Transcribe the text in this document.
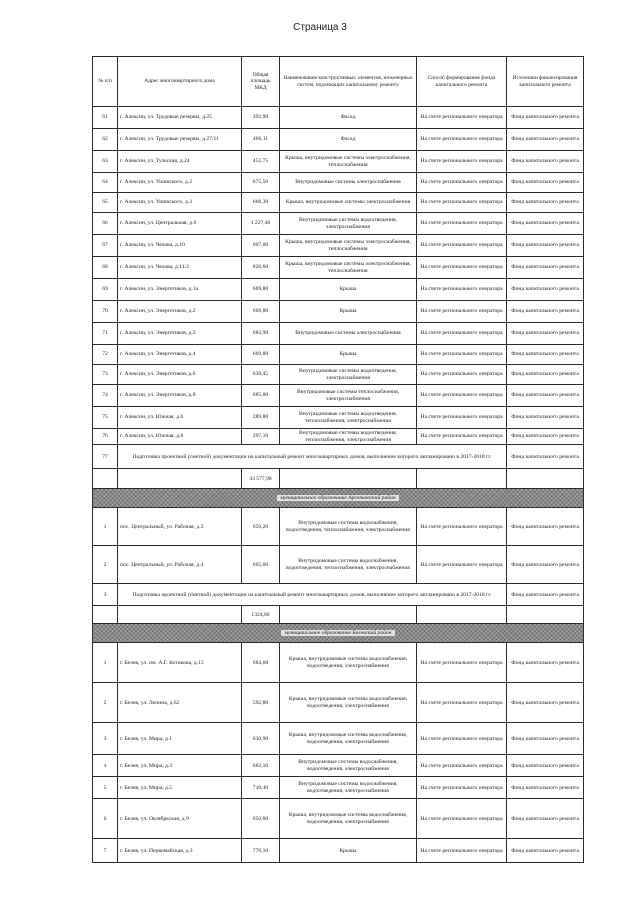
Страница 3
№ п/п	Адрес многоквартирного дома	Общая площадь МКД	Наименование конструктивных элементов, инженерных систем, подлежащих капитальному ремонту	Способ формирования фонда капитального ремонта	Источники финансирования капитального ремонта
61	г. Алексин, ул. Трудовые резервы, д.25	392,90	Фасад	На счете регионального оператора	Фонд капитального ремонта
62	г. Алексин, ул. Трудовые резервы, д.27/11	406,11	Фасад	На счете регионального оператора	Фонд капитального ремонта
63	г. Алексин, ул. Тульская, д.24	452,75	Крыша, внутридомовые системы электроснабжения, теплоснабжения	На счете регионального оператора	Фонд капитального ремонта
64	г. Алексин, ул. Ушинского, д.2	675,50	Внутридомовые системы электроснабжения	На счете регионального оператора	Фонд капитального ремонта
65	г. Алексин, ул. Ушинского, д.3	668,30	Крыша, внутридомовые системы электроснабжения	На счете регионального оператора	Фонд капитального ремонта
66	г. Алексин, ул. Центральная, д.6	1 227,40	Внутридомовые системы водоотведения, электроснабжения	На счете регионального оператора	Фонд капитального ремонта
67	г. Алексин, ул. Чехова, д.10	607,00	Крыша, внутридомовые системы электроснабжения, теплоснабжения	На счете регионального оператора	Фонд капитального ремонта
68	г. Алексин, ул. Чехова, д.11/2	826,60	Крыша, внутридомовые системы электроснабжения, теплоснабжения	На счете регионального оператора	Фонд капитального ремонта
69	г. Алексин, ул. Энергетиков, д.1а	669,80	Крыша	На счете регионального оператора	Фонд капитального ремонта
70	г. Алексин, ул. Энергетиков, д.2	669,80	Крыша	На счете регионального оператора	Фонд капитального ремонта
71	г. Алексин, ул. Энергетиков, д.3	683,90	Внутридомовые системы электроснабжения	На счете регионального оператора	Фонд капитального ремонта
72	г. Алексин, ул. Энергетиков, д.4	669,80	Крыша	На счете регионального оператора	Фонд капитального ремонта
73	г. Алексин, ул. Энергетиков, д.6	639,45	Внутридомовые системы водоотведения, электроснабжения	На счете регионального оператора	Фонд капитального ремонта
74	г. Алексин, ул. Энергетиков, д.8	685,80	Внутридомовые системы теплоснабжения, электроснабжения	На счете регионального оператора	Фонд капитального ремонта
75	г. Алексин, ул. Южная, д.6	289,80	Внутридомовые системы водоотведения, теплоснабжения, электроснабжения	На счете регионального оператора	Фонд капитального ремонта
76	г. Алексин, ул. Южная, д.8	297,10	Внутридомовые системы водоотведения, теплоснабжения, электроснабжения	На счете регионального оператора	Фонд капитального ремонта
77	Подготовка проектной (сметной) документации на капитальный ремонт многоквартирных домов, выполнение которого запланировано в 2017-2018 гг.				Фонд капитального ремонта
		43 577,98			
муниципальное образование Арсеньевский район					
1	пос. Центральный, ул. Рабочая, д.3	659,20	Внутридомовые системы водоснабжения, водоотведения, теплоснабжения, электроснабжения	На счете регионального оператора	Фонд капитального ремонта
2	пос. Центральный, ул. Рабочая, д.4	665,60	Внутридомовые системы водоснабжения, водоотведения, теплоснабжения, электроснабжения	На счете регионального оператора	Фонд капитального ремонта
3	Подготовка проектной (сметной) документации на капитальный ремонт многоквартирных домов, выполнение которого запланировано в 2017-2018 гг.				Фонд капитального ремонта
		1324,80			
муниципальное образование Белевский район					
1	г. Белев, ул. им. А.Г. Котикова, д.13	684,60	Крыша, внутридомовые системы водоснабжения, водоотведения, электроснабжения	На счете регионального оператора	Фонд капитального ремонта
2	г. Белев, ул. Ленина, д.62	592,80	Крыша, внутридомовые системы водоснабжения, водоотведения, электроснабжения	На счете регионального оператора	Фонд капитального ремонта
3	г. Белев, ул. Мира, д.1	630,90	Крыша, внутридомовые системы водоснабжения, водоотведения, электроснабжения	На счете регионального оператора	Фонд капитального ремонта
4	г. Белев, ул. Мира, д.3	682,10	Внутридомовые системы водоснабжения, водоотведения, электроснабжения	На счете регионального оператора	Фонд капитального ремонта
5	г. Белев, ул. Мира, д.5	710,40	Внутридомовые системы водоснабжения, водоотведения, электроснабжения	На счете регионального оператора	Фонд капитального ремонта
6	г. Белев, ул. Октябрьская, д.9	650,00	Крыша, внутридомовые системы водоснабжения, водоотведения, электроснабжения	На счете регионального оператора	Фонд капитального ремонта
7	г. Белев, ул. Первомайская, д.3	776,10	Крыша	На счете регионального оператора	Фонд капитального ремонта
